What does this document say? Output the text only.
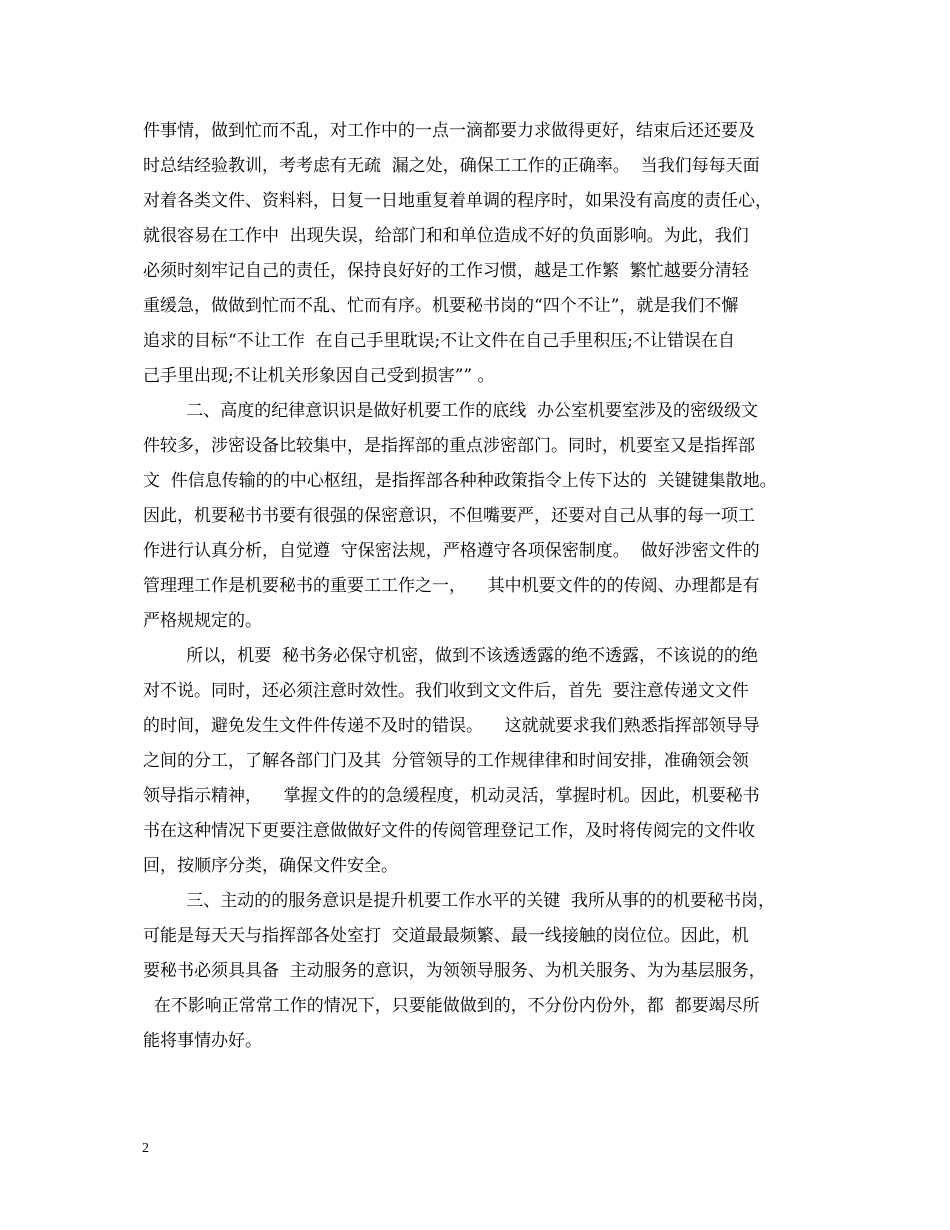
件事情，做到忙而不乱，对工作中的一点一滴都要力求做得更好，结束后还还要及
时总结经验教训，考考虑有无疏  漏之处，确保工工作的正确率。  当我们每每天面
对着各类文件、资料料，日复一日地重复着单调的程序时，如果没有高度的责任心，
就很容易在工作中  出现失误，给部门和和单位造成不好的负面影响。为此，我们
必须时刻牢记自己的责任，保持良好好的工作习惯，越是工作繁  繁忙越要分清轻
重缓急，做做到忙而不乱、忙而有序。机要秘书岗的“四个不让”，就是我们不懈
追求的目标“不让工作  在自己手里耽误;不让文件在自己手里积压;不让错误在自
己手里出现;不让机关形象因自己受到损害”” 。
二、高度的纪律意识识是做好机要工作的底线  办公室机要室涉及的密级级文
件较多，涉密设备比较集中，是指挥部的重点涉密部门。同时，机要室又是指挥部
文  件信息传输的的中心枢纽，是指挥部各种种政策指令上传下达的  关键键集散地。
因此，机要秘书书要有很强的保密意识，不但嘴要严，还要对自己从事的每一项工
作进行认真分析，自觉遵  守保密法规，严格遵守各项保密制度。  做好涉密文件的
管理理工作是机要秘书的重要工工作之一，    其中机要文件的的传阅、办理都是有
严格规规定的。
所以，机要  秘书务必保守机密，做到不该透透露的绝不透露，不该说的的绝
对不说。同时，还必须注意时效性。我们收到文文件后，首先  要注意传递文文件
的时间，避免发生文件件传递不及时的错误。    这就就要求我们熟悉指挥部领导导
之间的分工，了解各部门门及其  分管领导的工作规律律和时间安排，准确领会领
领导指示精神，    掌握文件的的急缓程度，机动灵活，掌握时机。因此，机要秘书
书在这种情况下更要注意做做好文件的传阅管理登记工作，及时将传阅完的文件收
回，按顺序分类，确保文件安全。
三、主动的的服务意识是提升机要工作水平的关键  我所从事的的机要秘书岗，
可能是每天天与指挥部各处室打  交道最最频繁、最一线接触的岗位位。因此，机
要秘书必须具具备  主动服务的意识，为领领导服务、为机关服务、为为基层服务，
在不影响正常常工作的情况下，只要能做做到的，不分份内份外，都  都要竭尽所
能将事情办好。
2
